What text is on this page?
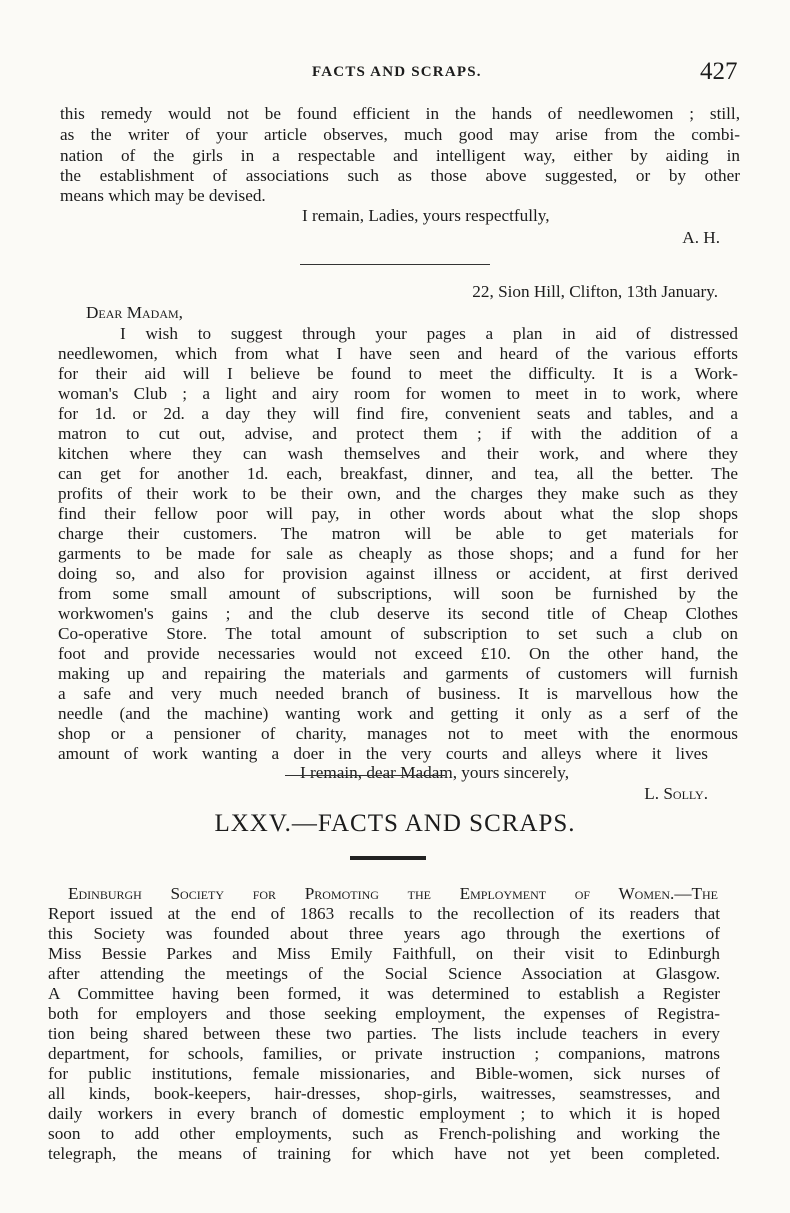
FACTS AND SCRAPS.	427
this remedy would not be found efficient in the hands of needlewomen ; still,
as the writer of your article observes, much good may arise from the combi-
nation of the girls in a respectable and intelligent way, either by aiding in
the establishment of associations such as those above suggested, or by other
means which may be devised.
I remain, Ladies, yours respectfully,
A. H.
22, Sion Hill, Clifton, 13th January.
Dear Madam,
I wish to suggest through your pages a plan in aid of distressed
needlewomen, which from what I have seen and heard of the various efforts
for their aid will I believe be found to meet the difficulty. It is a Work-
woman's Club ; a light and airy room for women to meet in to work, where
for 1d. or 2d. a day they will find fire, convenient seats and tables, and a
matron to cut out, advise, and protect them ; if with the addition of a
kitchen where they can wash themselves and their work, and where they
can get for another 1d. each, breakfast, dinner, and tea, all the better. The
profits of their work to be their own, and the charges they make such as they
find their fellow poor will pay, in other words about what the slop shops
charge their customers. The matron will be able to get materials for
garments to be made for sale as cheaply as those shops; and a fund for her
doing so, and also for provision against illness or accident, at first derived
from some small amount of subscriptions, will soon be furnished by the
workwomen's gains ; and the club deserve its second title of Cheap Clothes
Co-operative Store. The total amount of subscription to set such a club on
foot and provide necessaries would not exceed £10. On the other hand, the
making up and repairing the materials and garments of customers will furnish
a safe and very much needed branch of business. It is marvellous how the
needle (and the machine) wanting work and getting it only as a serf of the
shop or a pensioner of charity, manages not to meet with the enormous
amount of work wanting a doer in the very courts and alleys where it lives
I remain, dear Madam, yours sincerely,
L. Solly.
LXXV.—FACTS AND SCRAPS.
Edinburgh Society for Promoting the Employment of Women.—The
Report issued at the end of 1863 recalls to the recollection of its readers that
this Society was founded about three years ago through the exertions of
Miss Bessie Parkes and Miss Emily Faithfull, on their visit to Edinburgh
after attending the meetings of the Social Science Association at Glasgow.
A Committee having been formed, it was determined to establish a Register
both for employers and those seeking employment, the expenses of Registra-
tion being shared between these two parties. The lists include teachers in every
department, for schools, families, or private instruction ; companions, matrons
for public institutions, female missionaries, and Bible-women, sick nurses of
all kinds, book-keepers, hair-dresses, shop-girls, waitresses, seamstresses, and
daily workers in every branch of domestic employment ; to which it is hoped
soon to add other employments, such as French-polishing and working the
telegraph, the means of training for which have not yet been completed.
